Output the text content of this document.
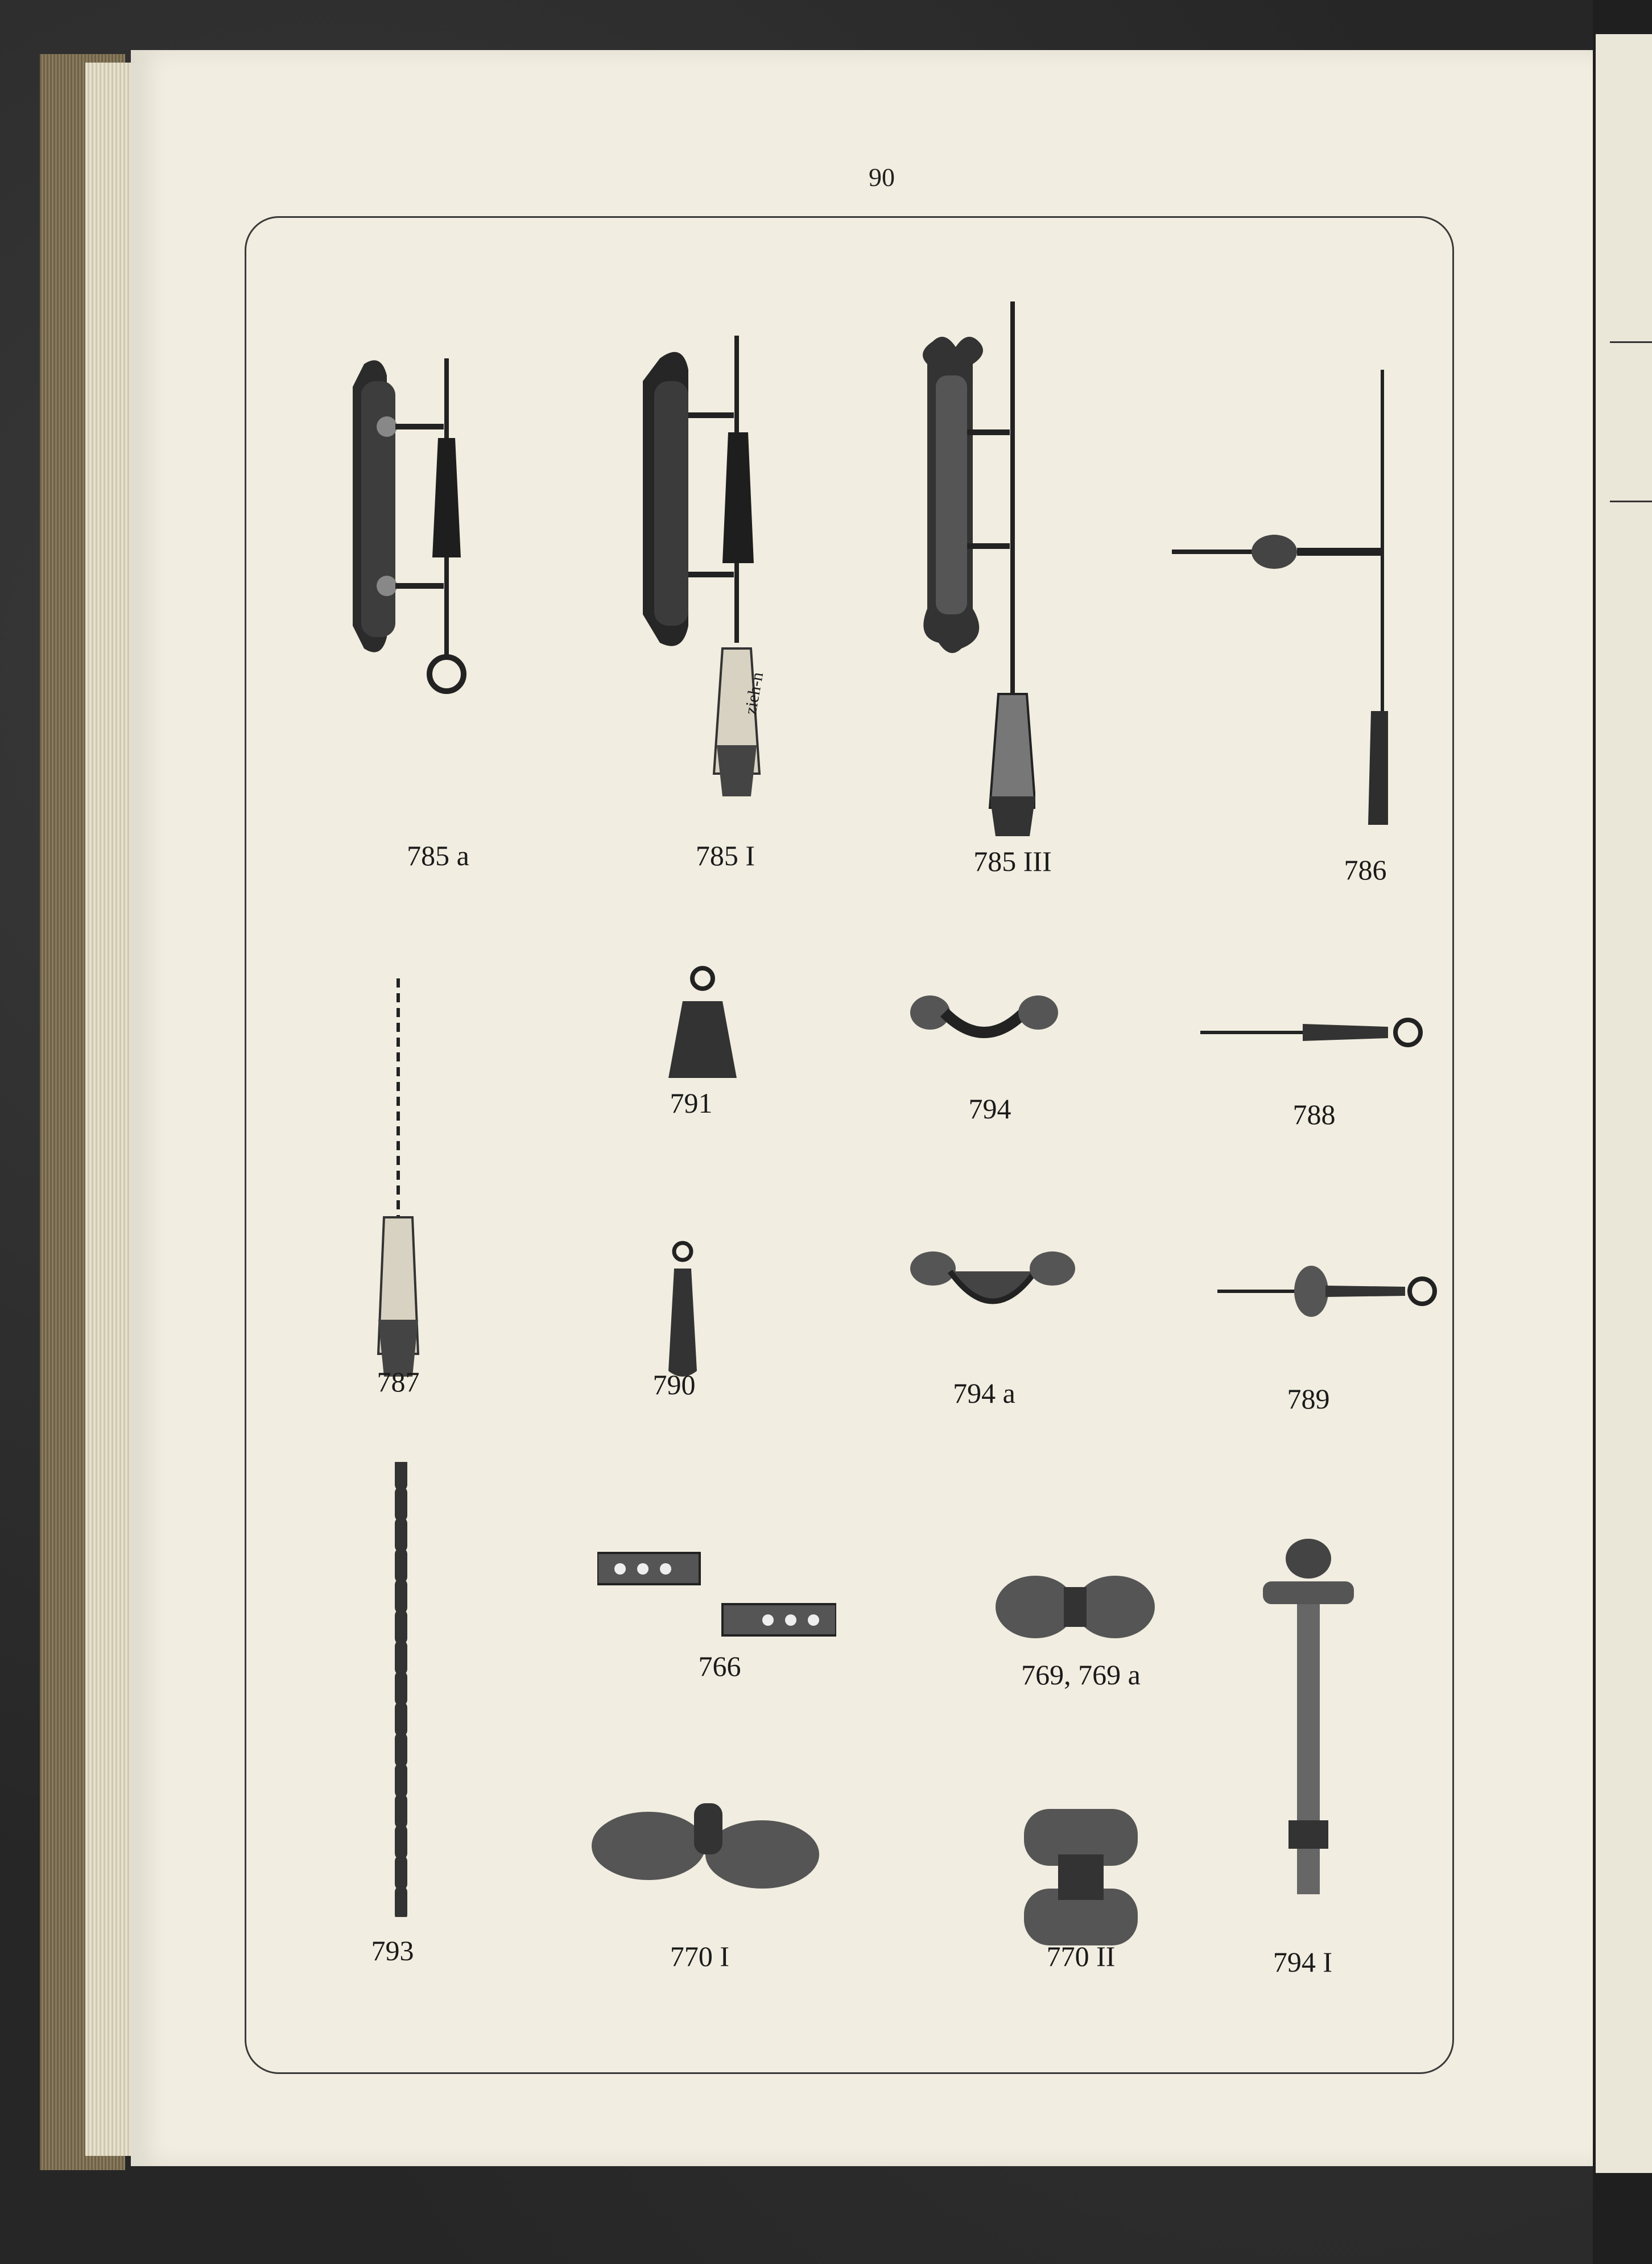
90
zieh-n
785 a	785 I	785 III	786
791	794	788
787	790	794 a	789
766	769, 769 a
793	770 I	770 II	794 I
